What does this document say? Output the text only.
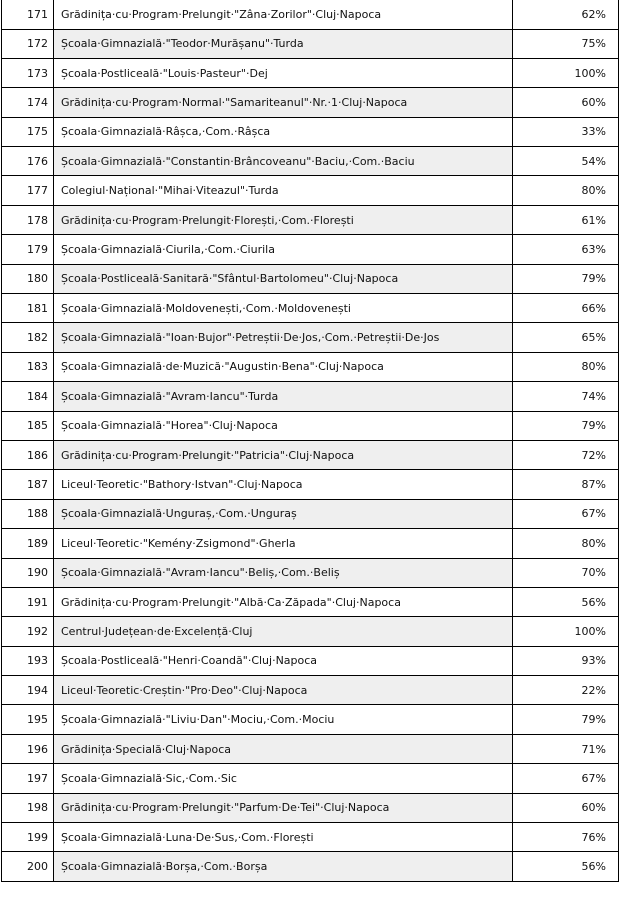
171	Grădinița·cu·Program·Prelungit·"Zâna·Zorilor"·Cluj·Napoca	62%
172	Școala·Gimnazială·"Teodor·Murășanu"·Turda	75%
173	Școala·Postliceală·"Louis·Pasteur"·Dej	100%
174	Grădinița·cu·Program·Normal·"Samariteanul"·Nr.·1·Cluj·Napoca	60%
175	Școala·Gimnazială·Râșca,·Com.·Râșca	33%
176	Școala·Gimnazială·"Constantin·Brâncoveanu"·Baciu,·Com.·Baciu	54%
177	Colegiul·Național·"Mihai·Viteazul"·Turda	80%
178	Grădinița·cu·Program·Prelungit·Florești,·Com.·Florești	61%
179	Școala·Gimnazială·Ciurila,·Com.·Ciurila	63%
180	Școala·Postliceală·Sanitară·"Sfântul·Bartolomeu"·Cluj·Napoca	79%
181	Școala·Gimnazială·Moldovenești,·Com.·Moldovenești	66%
182	Școala·Gimnazială·"Ioan·Bujor"·Petreștii·De·Jos,·Com.·Petreștii·De·Jos	65%
183	Școala·Gimnazială·de·Muzică·"Augustin·Bena"·Cluj·Napoca	80%
184	Școala·Gimnazială·"Avram·Iancu"·Turda	74%
185	Școala·Gimnazială·"Horea"·Cluj·Napoca	79%
186	Grădinița·cu·Program·Prelungit·"Patricia"·Cluj·Napoca	72%
187	Liceul·Teoretic·"Bathory·Istvan"·Cluj·Napoca	87%
188	Școala·Gimnazială·Unguraș,·Com.·Unguraș	67%
189	Liceul·Teoretic·"Kemény·Zsigmond"·Gherla	80%
190	Școala·Gimnazială·"Avram·Iancu"·Beliș,·Com.·Beliș	70%
191	Grădinița·cu·Program·Prelungit·"Albă·Ca·Zăpada"·Cluj·Napoca	56%
192	Centrul·Județean·de·Excelență·Cluj	100%
193	Școala·Postliceală·"Henri·Coandă"·Cluj·Napoca	93%
194	Liceul·Teoretic·Creștin·"Pro·Deo"·Cluj·Napoca	22%
195	Școala·Gimnazială·"Liviu·Dan"·Mociu,·Com.·Mociu	79%
196	Grădinița·Specială·Cluj·Napoca	71%
197	Școala·Gimnazială·Sic,·Com.·Sic	67%
198	Grădinița·cu·Program·Prelungit·"Parfum·De·Tei"·Cluj·Napoca	60%
199	Școala·Gimnazială·Luna·De·Sus,·Com.·Florești	76%
200	Școala·Gimnazială·Borșa,·Com.·Borșa	56%
